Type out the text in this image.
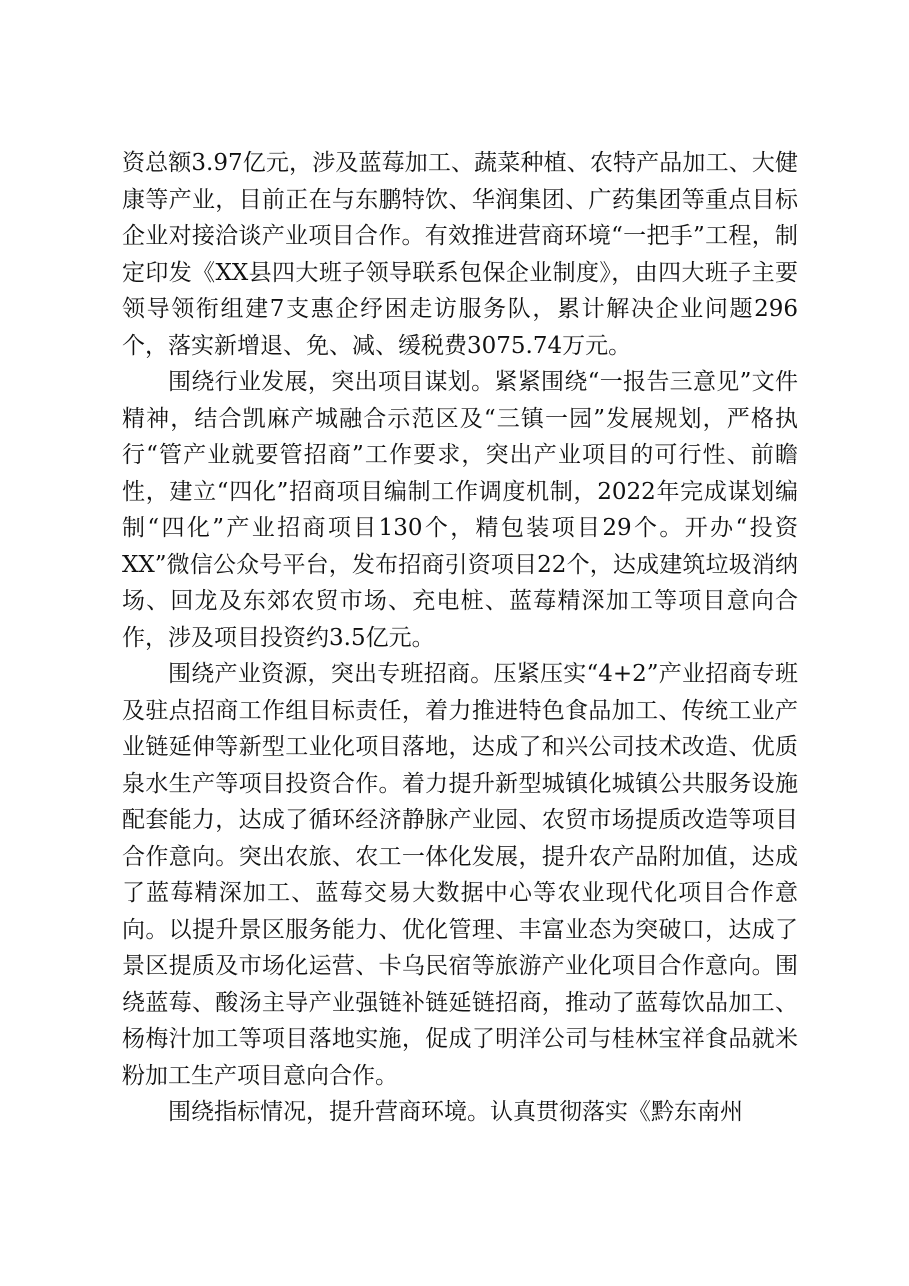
资总额3.97亿元，涉及蓝莓加工、蔬菜种植、农特产品加工、大健康等产业，目前正在与东鹏特饮、华润集团、广药集团等重点目标企业对接洽谈产业项目合作。有效推进营商环境“一把手”工程，制定印发《XX县四大班子领导联系包保企业制度》，由四大班子主要领导领衔组建7支惠企纾困走访服务队，累计解决企业问题296个，落实新增退、免、减、缓税费3075.74万元。

围绕行业发展，突出项目谋划。紧紧围绕“一报告三意见”文件精神，结合凯麻产城融合示范区及“三镇一园”发展规划，严格执行“管产业就要管招商”工作要求，突出产业项目的可行性、前瞻性，建立“四化”招商项目编制工作调度机制，2022年完成谋划编制“四化”产业招商项目130个，精包装项目29个。开办“投资XX”微信公众号平台，发布招商引资项目22个，达成建筑垃圾消纳场、回龙及东郊农贸市场、充电桩、蓝莓精深加工等项目意向合作，涉及项目投资约3.5亿元。

围绕产业资源，突出专班招商。压紧压实“4+2”产业招商专班及驻点招商工作组目标责任，着力推进特色食品加工、传统工业产业链延伸等新型工业化项目落地，达成了和兴公司技术改造、优质泉水生产等项目投资合作。着力提升新型城镇化城镇公共服务设施配套能力，达成了循环经济静脉产业园、农贸市场提质改造等项目合作意向。突出农旅、农工一体化发展，提升农产品附加值，达成了蓝莓精深加工、蓝莓交易大数据中心等农业现代化项目合作意向。以提升景区服务能力、优化管理、丰富业态为突破口，达成了景区提质及市场化运营、卡乌民宿等旅游产业化项目合作意向。围绕蓝莓、酸汤主导产业强链补链延链招商，推动了蓝莓饮品加工、杨梅汁加工等项目落地实施，促成了明洋公司与桂林宝祥食品就米粉加工生产项目意向合作。

围绕指标情况，提升营商环境。认真贯彻落实《黔东南州
